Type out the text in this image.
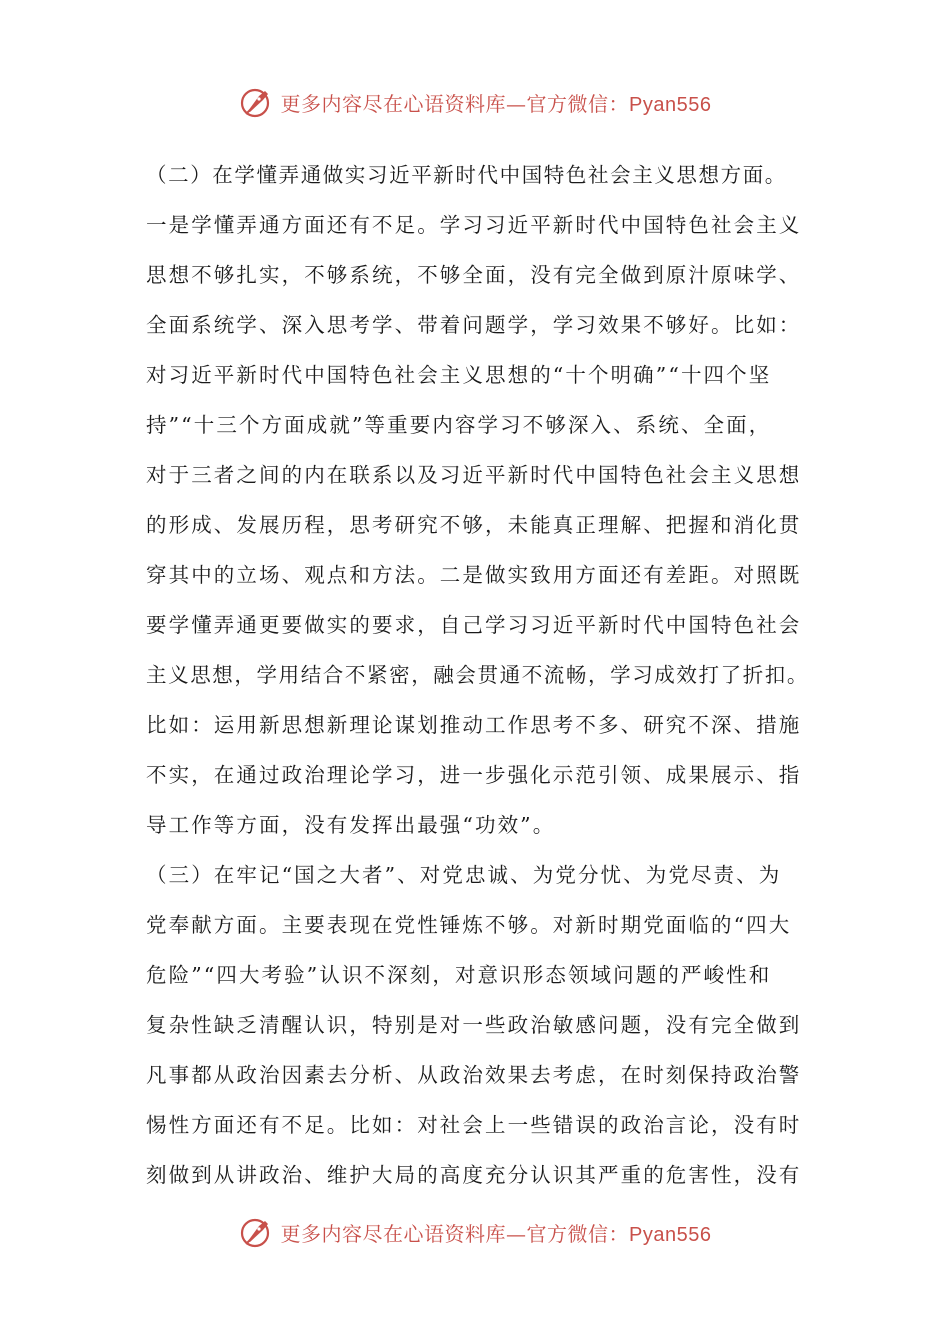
更多内容尽在心语资料库—官方微信：Pyan556
（二）在学懂弄通做实习近平新时代中国特色社会主义思想方面。
一是学懂弄通方面还有不足。学习习近平新时代中国特色社会主义
思想不够扎实，不够系统，不够全面，没有完全做到原汁原味学、
全面系统学、深入思考学、带着问题学，学习效果不够好。比如：
对习近平新时代中国特色社会主义思想的“十个明确”“十四个坚
持”“十三个方面成就”等重要内容学习不够深入、系统、全面，
对于三者之间的内在联系以及习近平新时代中国特色社会主义思想
的形成、发展历程，思考研究不够，未能真正理解、把握和消化贯
穿其中的立场、观点和方法。二是做实致用方面还有差距。对照既
要学懂弄通更要做实的要求，自己学习习近平新时代中国特色社会
主义思想，学用结合不紧密，融会贯通不流畅，学习成效打了折扣。
比如：运用新思想新理论谋划推动工作思考不多、研究不深、措施
不实，在通过政治理论学习，进一步强化示范引领、成果展示、指
导工作等方面，没有发挥出最强“功效”。
（三）在牢记“国之大者”、对党忠诚、为党分忧、为党尽责、为
党奉献方面。主要表现在党性锤炼不够。对新时期党面临的“四大
危险”“四大考验”认识不深刻，对意识形态领域问题的严峻性和
复杂性缺乏清醒认识，特别是对一些政治敏感问题，没有完全做到
凡事都从政治因素去分析、从政治效果去考虑，在时刻保持政治警
惕性方面还有不足。比如：对社会上一些错误的政治言论，没有时
刻做到从讲政治、维护大局的高度充分认识其严重的危害性，没有
更多内容尽在心语资料库—官方微信：Pyan556
